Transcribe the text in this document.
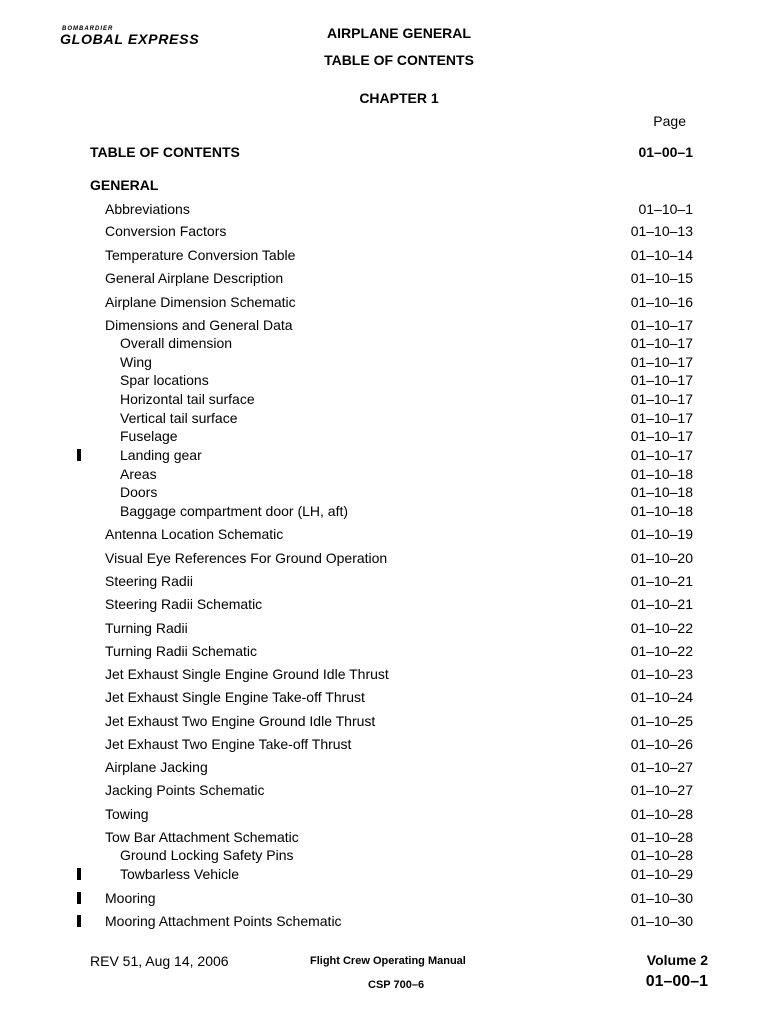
BOMBARDIER
GLOBAL EXPRESS	AIRPLANE GENERAL
TABLE OF CONTENTS
CHAPTER 1
Page
TABLE OF CONTENTS	01–00–1
GENERAL
Abbreviations	01–10–1
Conversion Factors	01–10–13
Temperature Conversion Table	01–10–14
General Airplane Description	01–10–15
Airplane Dimension Schematic	01–10–16
Dimensions and General Data	01–10–17
Overall dimension	01–10–17
Wing	01–10–17
Spar locations	01–10–17
Horizontal tail surface	01–10–17
Vertical tail surface	01–10–17
Fuselage	01–10–17
Landing gear	01–10–17
Areas	01–10–18
Doors	01–10–18
Baggage compartment door (LH, aft)	01–10–18
Antenna Location Schematic	01–10–19
Visual Eye References For Ground Operation	01–10–20
Steering Radii	01–10–21
Steering Radii Schematic	01–10–21
Turning Radii	01–10–22
Turning Radii Schematic	01–10–22
Jet Exhaust Single Engine Ground Idle Thrust	01–10–23
Jet Exhaust Single Engine Take-off Thrust	01–10–24
Jet Exhaust Two Engine Ground Idle Thrust	01–10–25
Jet Exhaust Two Engine Take-off Thrust	01–10–26
Airplane Jacking	01–10–27
Jacking Points Schematic	01–10–27
Towing	01–10–28
Tow Bar Attachment Schematic	01–10–28
Ground Locking Safety Pins	01–10–28
Towbarless Vehicle	01–10–29
Mooring	01–10–30
Mooring Attachment Points Schematic	01–10–30
REV 51, Aug 14, 2006	Flight Crew Operating Manual
CSP 700–6
Volume 2
01–00–1
